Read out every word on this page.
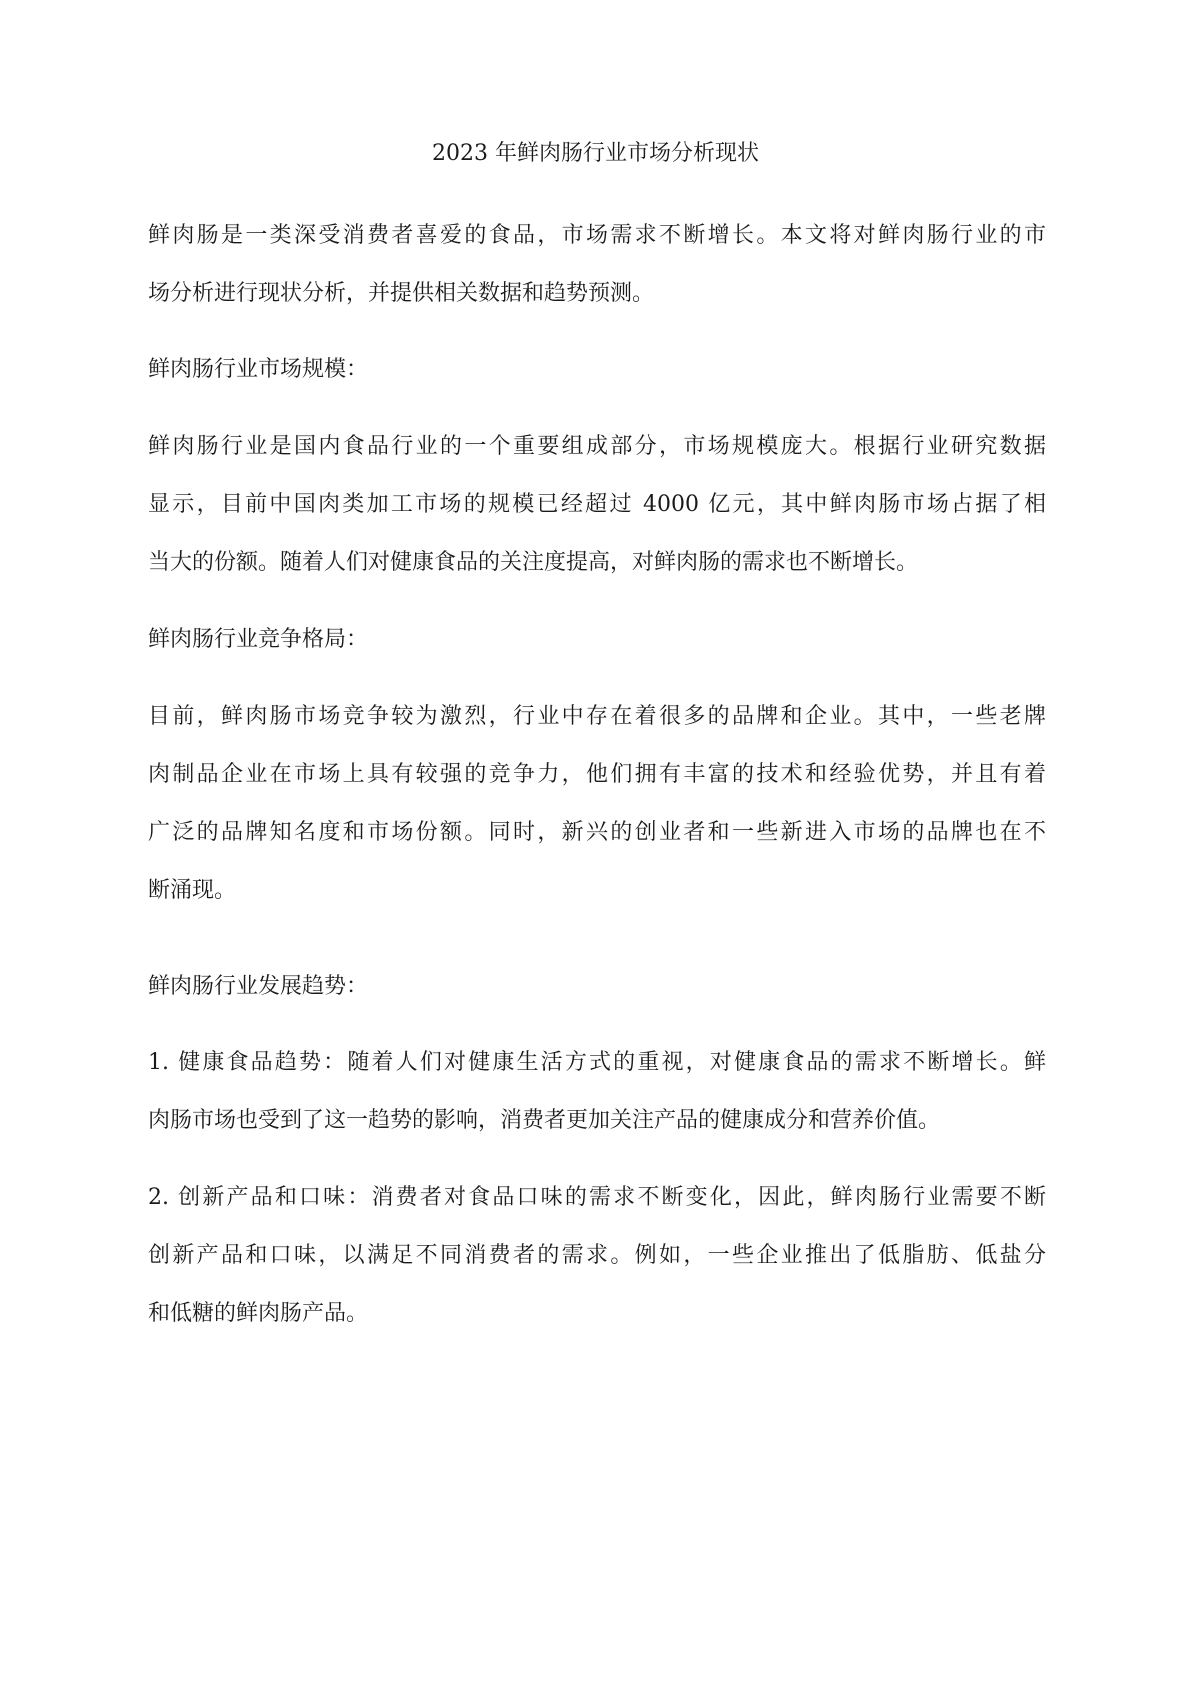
2023 年鲜肉肠行业市场分析现状

鲜肉肠是一类深受消费者喜爱的食品，市场需求不断增长。本文将对鲜肉肠行业的市
场分析进行现状分析，并提供相关数据和趋势预测。

鲜肉肠行业市场规模：

鲜肉肠行业是国内食品行业的一个重要组成部分，市场规模庞大。根据行业研究数据
显示，目前中国肉类加工市场的规模已经超过 4000 亿元，其中鲜肉肠市场占据了相
当大的份额。随着人们对健康食品的关注度提高，对鲜肉肠的需求也不断增长。

鲜肉肠行业竞争格局：

目前，鲜肉肠市场竞争较为激烈，行业中存在着很多的品牌和企业。其中，一些老牌
肉制品企业在市场上具有较强的竞争力，他们拥有丰富的技术和经验优势，并且有着
广泛的品牌知名度和市场份额。同时，新兴的创业者和一些新进入市场的品牌也在不
断涌现。

鲜肉肠行业发展趋势：

1. 健康食品趋势：随着人们对健康生活方式的重视，对健康食品的需求不断增长。鲜
肉肠市场也受到了这一趋势的影响，消费者更加关注产品的健康成分和营养价值。

2. 创新产品和口味：消费者对食品口味的需求不断变化，因此，鲜肉肠行业需要不断
创新产品和口味，以满足不同消费者的需求。例如，一些企业推出了低脂肪、低盐分
和低糖的鲜肉肠产品。
